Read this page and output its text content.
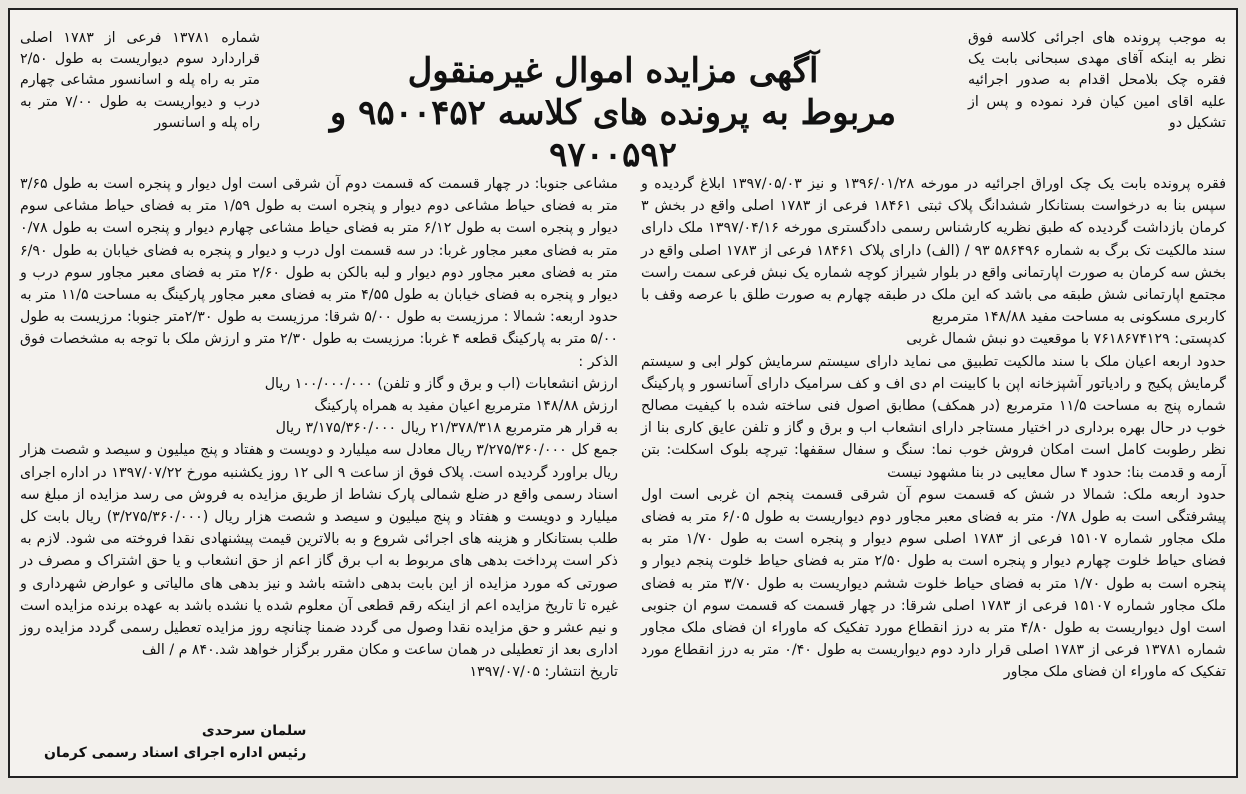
به موجب پرونده های اجرائی کلاسه فوق نظر به اینکه آقای مهدی سبحانی بابت یک فقره چک بلامحل اقدام به صدور اجرائیه علیه اقای امین کیان فرد نموده و پس از تشکیل دو

آگهی مزایده اموال غیرمنقول

مربوط به پرونده های کلاسه ۹۵۰۰۴۵۲ و ۹۷۰۰۵۹۲

شماره ۱۳۷۸۱ فرعی از ۱۷۸۳ اصلی قراردارد سوم دیواریست به طول ۲/۵۰ متر به راه پله و اسانسور مشاعی چهارم درب و دیواریست به طول ۷/۰۰ متر به راه پله و اسانسور

فقره پرونده بابت یک چک اوراق اجرائیه در مورخه ۱۳۹۶/۰۱/۲۸ و نیز ۱۳۹۷/۰۵/۰۳ ابلاغ گردیده و سپس بنا به درخواست بستانکار ششدانگ پلاک ثبتی ۱۸۴۶۱ فرعی از ۱۷۸۳ اصلی واقع در بخش ۳ کرمان بازداشت گردیده که طبق نظریه کارشناس رسمی دادگستری مورخه ۱۳۹۷/۰۴/۱۶ ملک دارای سند مالکیت تک برگ به شماره ۵۸۶۴۹۶ ۹۳ / (الف) دارای پلاک ۱۸۴۶۱ فرعی از ۱۷۸۳ اصلی واقع در بخش سه کرمان به صورت اپارتمانی واقع در بلوار شیراز کوچه شماره یک نبش فرعی سمت راست مجتمع اپارتمانی شش طبقه می باشد که این ملک در طبقه چهارم به صورت طلق با عرصه وقف با کاربری مسکونی به مساحت مفید ۱۴۸/۸۸ مترمربع

کدپستی: ۷۶۱۸۶۷۴۱۲۹ با موقعیت دو نبش شمال غربی

حدود اربعه اعیان ملک با سند مالکیت تطبیق می نماید دارای سیستم سرمایش کولر ابی و سیستم گرمایش پکیج و رادیاتور آشپزخانه اپن با کابینت ام دی اف و کف سرامیک دارای آسانسور و پارکینگ شماره پنج به مساحت ۱۱/۵ مترمربع (در همکف) مطابق اصول فنی ساخته شده با کیفیت مصالح خوب در حال بهره برداری در اختیار مستاجر دارای انشعاب اب و برق و گاز و تلفن عایق کاری بنا از نظر رطوبت کامل است امکان فروش خوب نما: سنگ و سفال سقفها: تیرچه بلوک اسکلت: بتن آرمه و قدمت بنا: حدود ۴ سال معایبی در بنا مشهود نیست

حدود اربعه ملک: شمالا در شش که قسمت سوم آن شرقی قسمت پنجم ان غربی است اول پیشرفتگی است به طول ۰/۷۸ متر به فضای معبر مجاور دوم دیواریست به طول ۶/۰۵ متر به فضای ملک مجاور شماره ۱۵۱۰۷ فرعی از ۱۷۸۳ اصلی سوم دیوار و پنجره است به طول ۱/۷۰ متر به فضای حیاط خلوت چهارم دیوار و پنجره است به طول ۲/۵۰ متر به فضای حیاط خلوت پنجم دیوار و پنجره است به طول ۱/۷۰ متر به فضای حیاط خلوت ششم دیواریست به طول ۳/۷۰ متر به فضای ملک مجاور شماره ۱۵۱۰۷ فرعی از ۱۷۸۳ اصلی شرقا: در چهار قسمت که قسمت سوم ان جنوبی است اول دیواریست به طول ۴/۸۰ متر به درز انقطاع مورد تفکیک که ماوراء ان فضای ملک مجاور شماره ۱۳۷۸۱ فرعی از ۱۷۸۳ اصلی قرار دارد دوم دیواریست به طول ۰/۴۰ متر به درز انقطاع مورد تفکیک که ماوراء ان فضای ملک مجاور

مشاعی جنوبا: در چهار قسمت که قسمت دوم آن شرقی است اول دیوار و پنجره است به طول ۳/۶۵ متر به فضای حیاط مشاعی دوم دیوار و پنجره است به طول ۱/۵۹ متر به فضای حیاط مشاعی سوم دیوار و پنجره است به طول ۶/۱۲ متر به فضای حیاط مشاعی چهارم دیوار و پنجره است به طول ۰/۷۸ متر به فضای معبر مجاور غربا: در سه قسمت اول درب و دیوار و پنجره به فضای خیابان به طول ۶/۹۰ متر به فضای معبر مجاور دوم دیوار و لبه بالکن به طول ۲/۶۰ متر به فضای معبر مجاور سوم درب و دیوار و پنجره به فضای خیابان به طول ۴/۵۵ متر به فضای معبر مجاور پارکینگ به مساحت ۱۱/۵ متر به حدود اربعه: شمالا : مرزیست به طول ۵/۰۰ شرقا: مرزیست به طول ۲/۳۰متر جنوبا: مرزیست به طول ۵/۰۰ متر به پارکینگ قطعه ۴ غربا: مرزیست به طول ۲/۳۰ متر و ارزش ملک با توجه به مشخصات فوق الذکر :

ارزش انشعابات (اب و برق و گاز و تلفن) ۱۰۰/۰۰۰/۰۰۰ ریال

ارزش ۱۴۸/۸۸ مترمربع اعیان مفید به همراه پارکینگ

به قرار هر مترمربع ۲۱/۳۷۸/۳۱۸ ریال ۳/۱۷۵/۳۶۰/۰۰۰ ریال

جمع کل ۳/۲۷۵/۳۶۰/۰۰۰ ریال معادل سه میلیارد و دویست و هفتاد و پنج میلیون و سیصد و شصت هزار ریال براورد گردیده است. پلاک فوق از ساعت ۹ الی ۱۲ روز یکشنبه مورخ ۱۳۹۷/۰۷/۲۲ در اداره اجرای اسناد رسمی واقع در ضلع شمالی پارک نشاط از طریق مزایده به فروش می رسد مزایده از مبلغ سه میلیارد و دویست و هفتاد و پنج میلیون و سیصد و شصت هزار ریال (۳/۲۷۵/۳۶۰/۰۰۰) ریال بابت کل طلب بستانکار و هزینه های اجرائی شروع و به بالاترین قیمت پیشنهادی نقدا فروخته می شود. لازم به ذکر است پرداخت بدهی های مربوط به اب برق گاز اعم از حق انشعاب و یا حق اشتراک و مصرف در صورتی که مورد مزایده از این بابت بدهی داشته باشد و نیز بدهی های مالیاتی و عوارض شهرداری و غیره تا تاریخ مزایده اعم از اینکه رقم قطعی آن معلوم شده یا نشده باشد به عهده برنده مزایده است و نیم عشر و حق مزایده نقدا وصول می گردد ضمنا چنانچه روز مزایده تعطیل رسمی گردد مزایده روز اداری بعد از تعطیلی در همان ساعت و مکان مقرر برگزار خواهد شد.۸۴۰ م / الف

تاریخ انتشار: ۱۳۹۷/۰۷/۰۵

سلمان سرحدی
رئیس اداره اجرای اسناد رسمی کرمان
